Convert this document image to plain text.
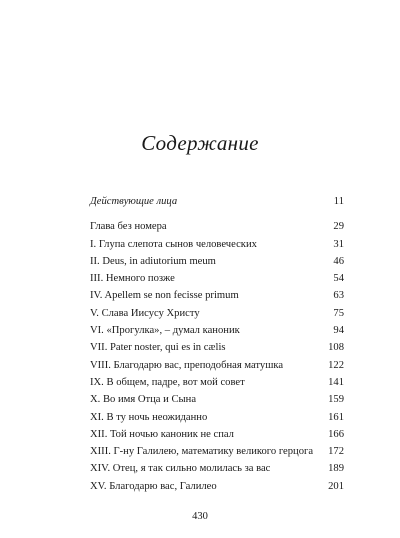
Содержание
Действующие лица	11
Глава без номера	29
I. Глупа слепота сынов человеческих	31
II. Deus, in adiutorium meum	46
III. Немного позже	54
IV. Apellem se non fecisse primum	63
V. Слава Иисусу Христу	75
VI. «Прогулка», – думал каноник	94
VII. Pater noster, qui es in cælis	108
VIII. Благодарю вас, преподобная матушка	122
IX. В общем, падре, вот мой совет	141
X. Во имя Отца и Сына	159
XI. В ту ночь неожиданно	161
XII. Той ночью каноник не спал	166
XIII. Г-ну Галилею, математику великого герцога 172
XIV. Отец, я так сильно молилась за вас	189
XV. Благодарю вас, Галилео	201
430
